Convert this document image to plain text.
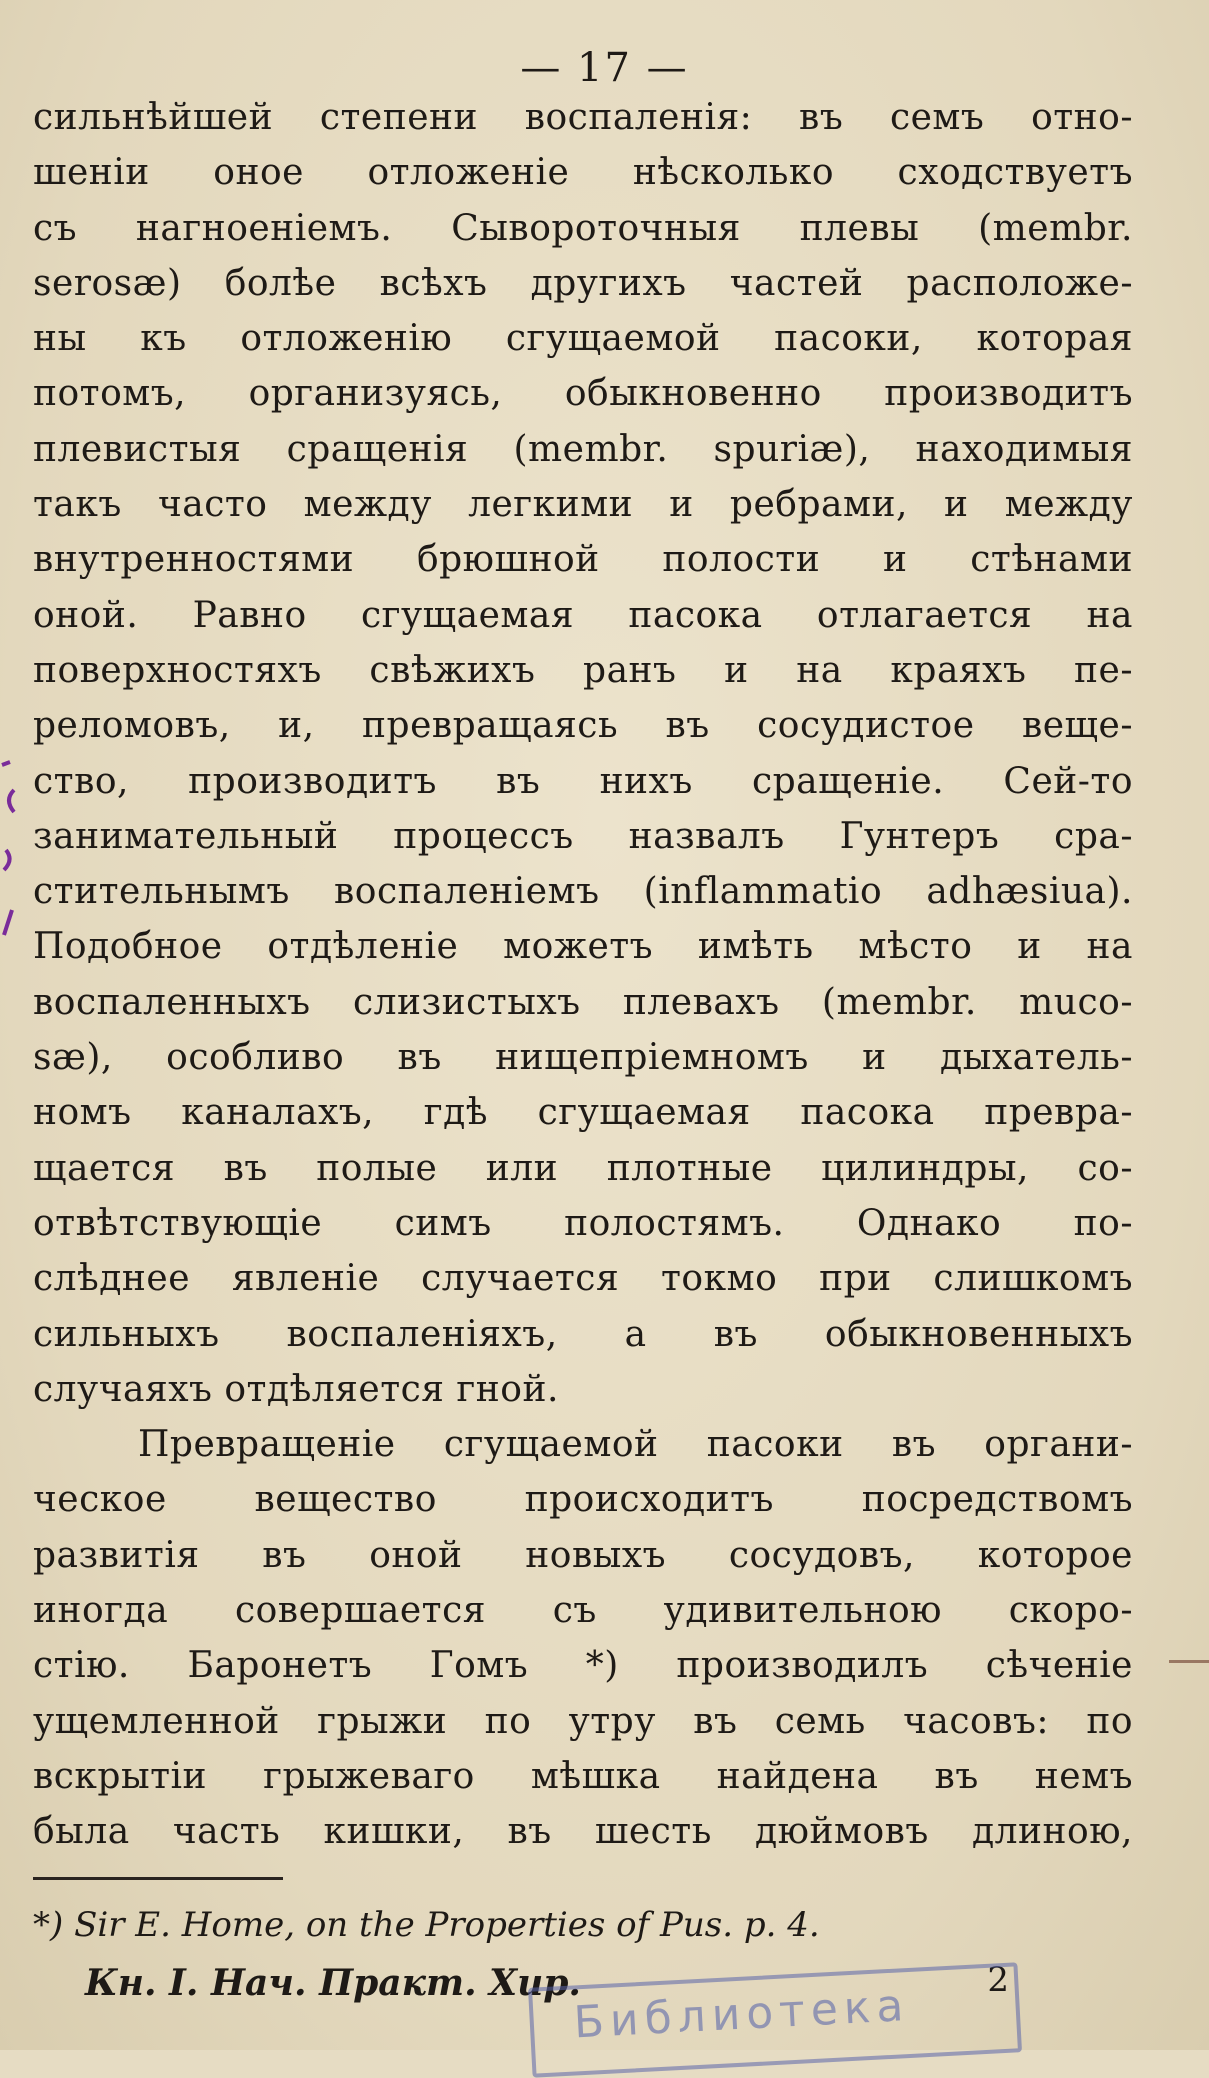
— 17 —
сильнѣйшей степени воспаленія: въ семъ отно-
шеніи оное отложеніе нѣсколько сходствуетъ
съ нагноеніемъ. Сывороточныя плевы (membr.
serosæ) болѣе всѣхъ другихъ частей расположе-
ны къ отложенію сгущаемой пасоки, которая
потомъ, организуясь, обыкновенно производитъ
плевистыя сращенія (membr. spuriæ), находимыя
такъ часто между легкими и ребрами, и между
внутренностями брюшной полости и стѣнами
оной. Равно сгущаемая пасока отлагается на
поверхностяхъ свѣжихъ ранъ и на краяхъ пе-
реломовъ, и, превращаясь въ сосудистое веще-
ство, производитъ въ нихъ сращеніе. Сей-то
занимательный процессъ назвалъ Гунтеръ сра-
стительнымъ воспаленіемъ (inflammatio adhæsiua).
Подобное отдѣленіе можетъ имѣть мѣсто и на
воспаленныхъ слизистыхъ плевахъ (membr. muco-
sæ), особливо въ нищепріемномъ и дыхатель-
номъ каналахъ, гдѣ сгущаемая пасока превра-
щается въ полые или плотные цилиндры, со-
отвѣтствующіе симъ полостямъ. Однако по-
слѣднее явленіе случается токмо при слишкомъ
сильныхъ воспаленіяхъ, а въ обыкновенныхъ
случаяхъ отдѣляется гной.
Превращеніе сгущаемой пасоки въ органи-
ческое вещество происходитъ посредствомъ
развитія въ оной новыхъ сосудовъ, которое
иногда совершается съ удивительною скоро-
стію. Баронетъ Гомъ *) производилъ сѣченіе
ущемленной грыжи по утру въ семь часовъ: по
вскрытіи грыжеваго мѣшка найдена въ немъ
была часть кишки, въ шесть дюймовъ длиною,
*) Sir E. Home, on the Properties of Pus. p. 4.
Кн. I. Нач. Практ. Хир.	2
Библиотека
